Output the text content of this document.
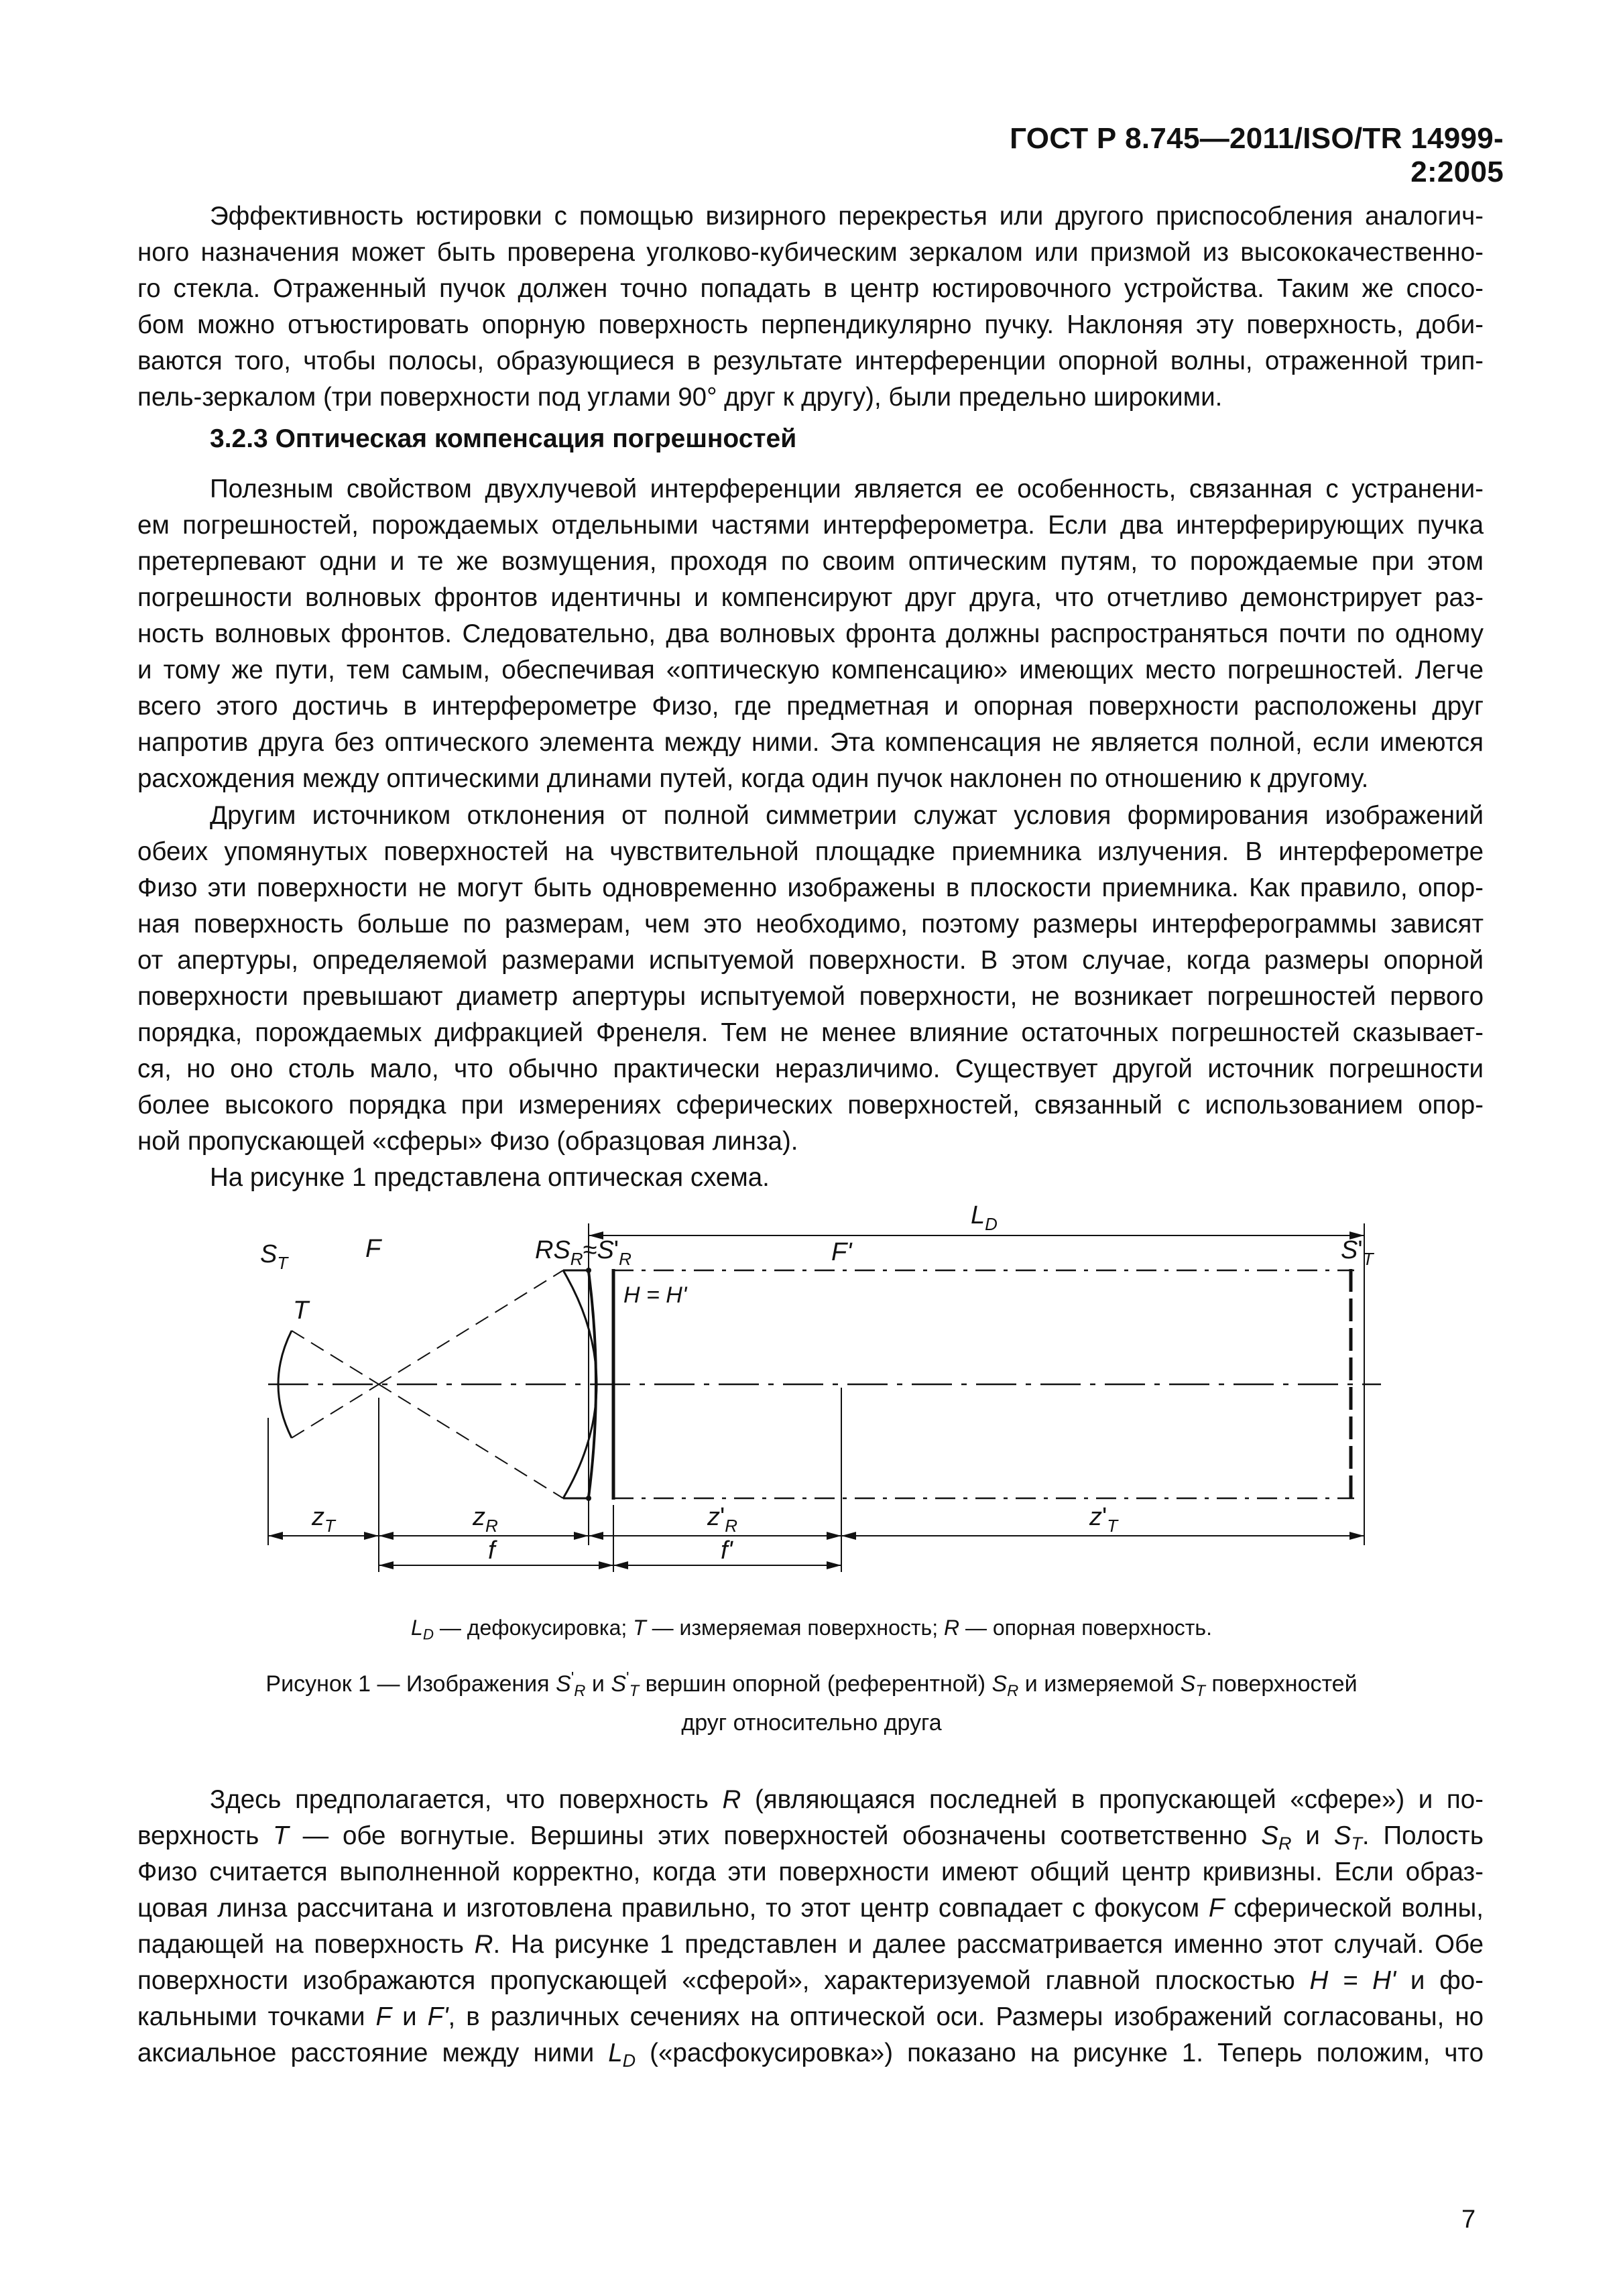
ГОСТ Р 8.745—2011/ISO/TR 14999-2:2005
Эффективность юстировки с помощью визирного перекрестья или другого приспособления аналогич-
ного назначения может быть проверена уголково-кубическим зеркалом или призмой из высококачественно-
го стекла. Отраженный пучок должен точно попадать в центр юстировочного устройства. Таким же спосо-
бом можно отъюстировать опорную поверхность перпендикулярно пучку. Наклоняя эту поверхность, доби-
ваются того, чтобы полосы, образующиеся в результате интерференции опорной волны, отраженной трип-
пель-зеркалом (три поверхности под углами 90° друг к другу), были предельно широкими.
3.2.3 Оптическая компенсация погрешностей
Полезным свойством двухлучевой интерференции является ее особенность, связанная с устранени-
ем погрешностей, порождаемых отдельными частями интерферометра. Если два интерферирующих пучка
претерпевают одни и те же возмущения, проходя по своим оптическим путям, то порождаемые при этом
погрешности волновых фронтов идентичны и компенсируют друг друга, что отчетливо демонстрирует раз-
ность волновых фронтов. Следовательно, два волновых фронта должны распространяться почти по одному
и тому же пути, тем самым, обеспечивая «оптическую компенсацию» имеющих место погрешностей. Легче
всего этого достичь в интерферометре Физо, где предметная и опорная поверхности расположены друг
напротив друга без оптического элемента между ними. Эта компенсация не является полной, если имеются
расхождения между оптическими длинами путей, когда один пучок наклонен по отношению к другому.
Другим источником отклонения от полной симметрии служат условия формирования изображений
обеих упомянутых поверхностей на чувствительной площадке приемника излучения. В интерферометре
Физо эти поверхности не могут быть одновременно изображены в плоскости приемника. Как правило, опор-
ная поверхность больше по размерам, чем это необходимо, поэтому размеры интерферограммы зависят
от апертуры, определяемой размерами испытуемой поверхности. В этом случае, когда размеры опорной
поверхности превышают диаметр апертуры испытуемой поверхности, не возникает погрешностей первого
порядка, порождаемых дифракцией Френеля. Тем не менее влияние остаточных погрешностей сказывает-
ся, но оно столь мало, что обычно практически неразличимо. Существует другой источник погрешности
более высокого порядка при измерениях сферических поверхностей, связанный с использованием опор-
ной пропускающей «сферы» Физо (образцовая линза).
На рисунке 1 представлена оптическая схема.
$L_D$
$S_T$	F	$RS_R\approx S'_R$	F'	$S'_T$
T
H = H'
$z_T$	$z_R$	$z'_R$	$z'_T$
f	f'
$L_D$ — дефокусировка; T — измеряемая поверхность; R — опорная поверхность.
Рисунок 1 — Изображения $S'_R$ и $S'_T$ вершин опорной (референтной) $S_R$ и измеряемой $S_T$ поверхностей
друг относительно друга
Здесь предполагается, что поверхность R (являющаяся последней в пропускающей «сфере») и по-
верхность T — обе вогнутые. Вершины этих поверхностей обозначены соответственно $S_R$ и $S_T$. Полость
Физо считается выполненной корректно, когда эти поверхности имеют общий центр кривизны. Если образ-
цовая линза рассчитана и изготовлена правильно, то этот центр совпадает с фокусом F сферической волны,
падающей на поверхность R. На рисунке 1 представлен и далее рассматривается именно этот случай. Обе
поверхности изображаются пропускающей «сферой», характеризуемой главной плоскостью H = H' и фо-
кальными точками F и F', в различных сечениях на оптической оси. Размеры изображений согласованы, но
аксиальное расстояние между ними $L_D$ («расфокусировка») показано на рисунке 1. Теперь положим, что
7
